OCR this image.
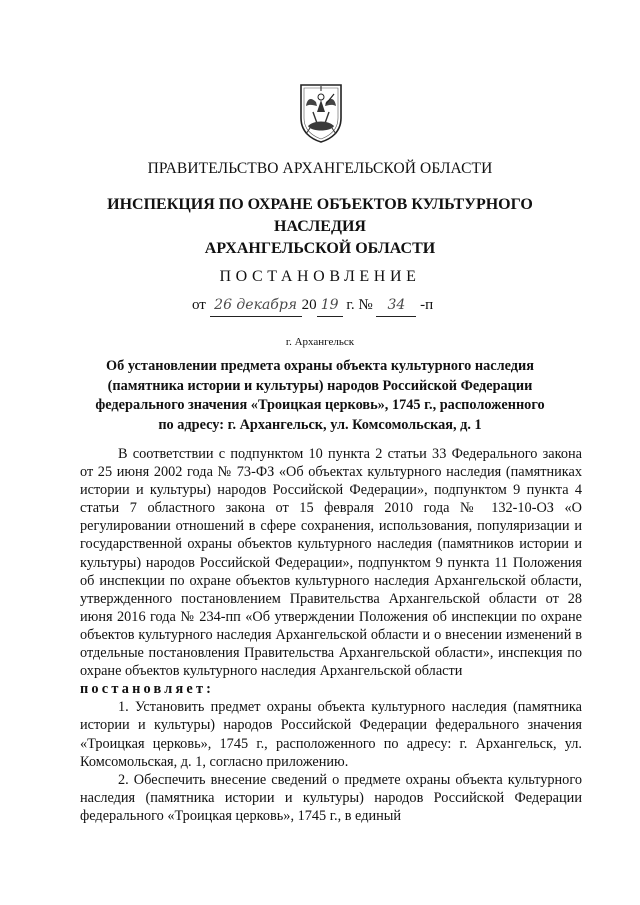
ПРАВИТЕЛЬСТВО АРХАНГЕЛЬСКОЙ ОБЛАСТИ
ИНСПЕКЦИЯ ПО ОХРАНЕ ОБЪЕКТОВ КУЛЬТУРНОГО НАСЛЕДИЯ
АРХАНГЕЛЬСКОЙ ОБЛАСТИ
ПОСТАНОВЛЕНИЕ
от 26 декабря 20 19 г. № 34 -п
г. Архангельск
Об установлении предмета охраны объекта культурного наследия
(памятника истории и культуры) народов Российской Федерации
федерального значения «Троицкая церковь», 1745 г., расположенного
по адресу: г. Архангельск, ул. Комсомольская, д. 1

В соответствии с подпунктом 10 пункта 2 статьи 33 Федерального закона от 25 июня 2002 года № 73-ФЗ «Об объектах культурного наследия (памятниках истории и культуры) народов Российской Федерации», подпунктом 9 пункта 4 статьи 7 областного закона от 15 февраля 2010 года № 132-10-ОЗ «О регулировании отношений в сфере сохранения, использования, популяризации и государственной охраны объектов культурного наследия (памятников истории и культуры) народов Российской Федерации», подпунктом 9 пункта 11 Положения об инспекции по охране объектов культурного наследия Архангельской области, утвержденного постановлением Правительства Архангельской области от 28 июня 2016 года № 234-пп «Об утверждении Положения об инспекции по охране объектов культурного наследия Архангельской области и о внесении изменений в отдельные постановления Правительства Архангельской области», инспекция по охране объектов культурного наследия Архангельской области

постановляет:

1. Установить предмет охраны объекта культурного наследия (памятника истории и культуры) народов Российской Федерации федерального значения «Троицкая церковь», 1745 г., расположенного по адресу: г. Архангельск, ул. Комсомольская, д. 1, согласно приложению.

2. Обеспечить внесение сведений о предмете охраны объекта культурного наследия (памятника истории и культуры) народов Российской Федерации федерального «Троицкая церковь», 1745 г., в единый
